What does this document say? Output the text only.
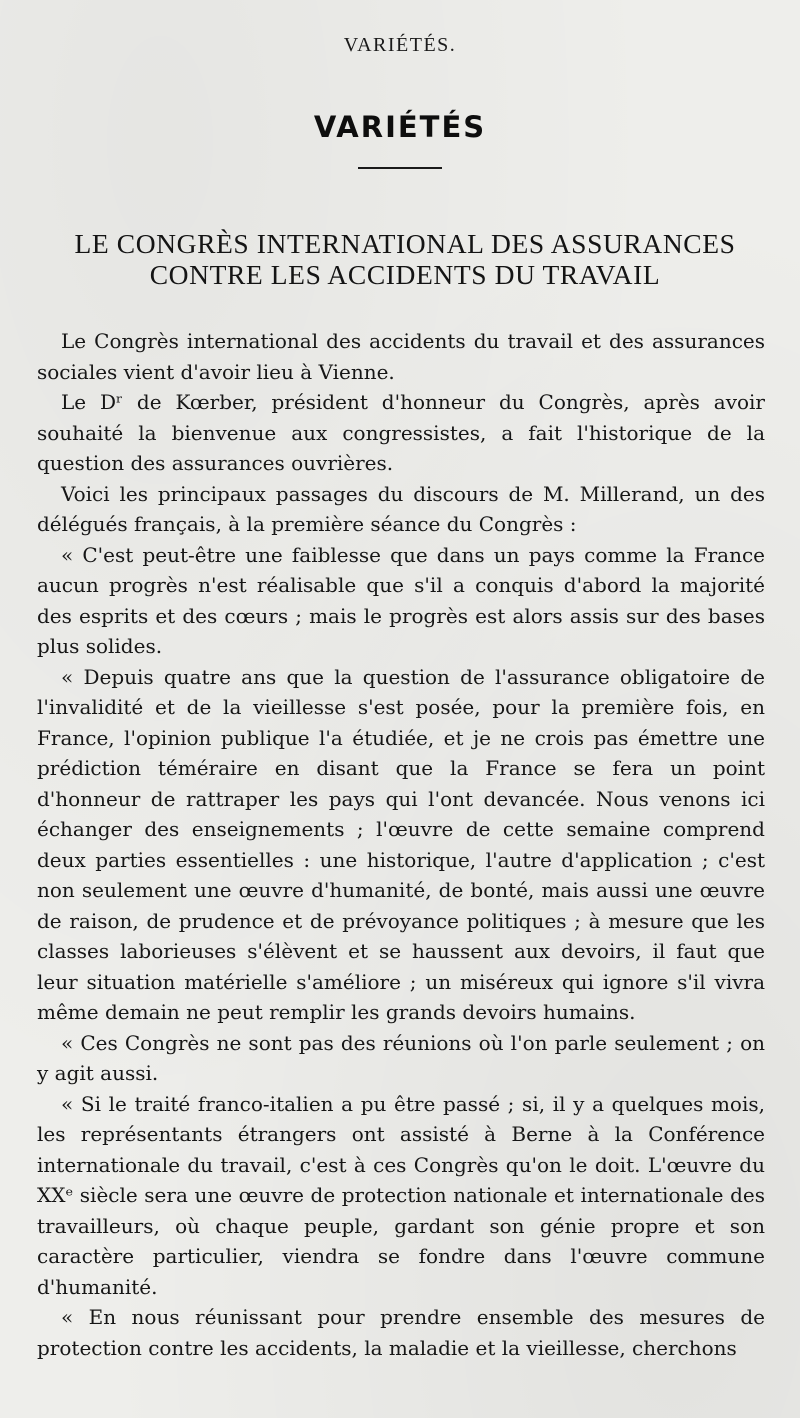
VARIÉTÉS.
VARIÉTÉS
LE CONGRÈS INTERNATIONAL DES ASSURANCES
CONTRE LES ACCIDENTS DU TRAVAIL

Le Congrès international des accidents du travail et des assurances sociales vient d'avoir lieu à Vienne.

Le Dʳ de Kœrber, président d'honneur du Congrès, après avoir souhaité la bienvenue aux congressistes, a fait l'historique de la question des assurances ouvrières.

Voici les principaux passages du discours de M. Millerand, un des délégués français, à la première séance du Congrès :

« C'est peut-être une faiblesse que dans un pays comme la France aucun progrès n'est réalisable que s'il a conquis d'abord la majorité des esprits et des cœurs ; mais le progrès est alors assis sur des bases plus solides.

« Depuis quatre ans que la question de l'assurance obligatoire de l'invalidité et de la vieillesse s'est posée, pour la première fois, en France, l'opinion publique l'a étudiée, et je ne crois pas émettre une prédiction téméraire en disant que la France se fera un point d'honneur de rattraper les pays qui l'ont devancée. Nous venons ici échanger des enseignements ; l'œuvre de cette semaine comprend deux parties essentielles : une historique, l'autre d'application ; c'est non seulement une œuvre d'humanité, de bonté, mais aussi une œuvre de raison, de prudence et de prévoyance politiques ; à mesure que les classes laborieuses s'élèvent et se haussent aux devoirs, il faut que leur situation matérielle s'améliore ; un miséreux qui ignore s'il vivra même demain ne peut remplir les grands devoirs humains.

« Ces Congrès ne sont pas des réunions où l'on parle seulement ; on y agit aussi.

« Si le traité franco-italien a pu être passé ; si, il y a quelques mois, les représentants étrangers ont assisté à Berne à la Conférence internationale du travail, c'est à ces Congrès qu'on le doit. L'œuvre du XXᵉ siècle sera une œuvre de protection nationale et internationale des travailleurs, où chaque peuple, gardant son génie propre et son caractère particulier, viendra se fondre dans l'œuvre commune d'humanité.

« En nous réunissant pour prendre ensemble des mesures de protection contre les accidents, la maladie et la vieillesse, cherchons
